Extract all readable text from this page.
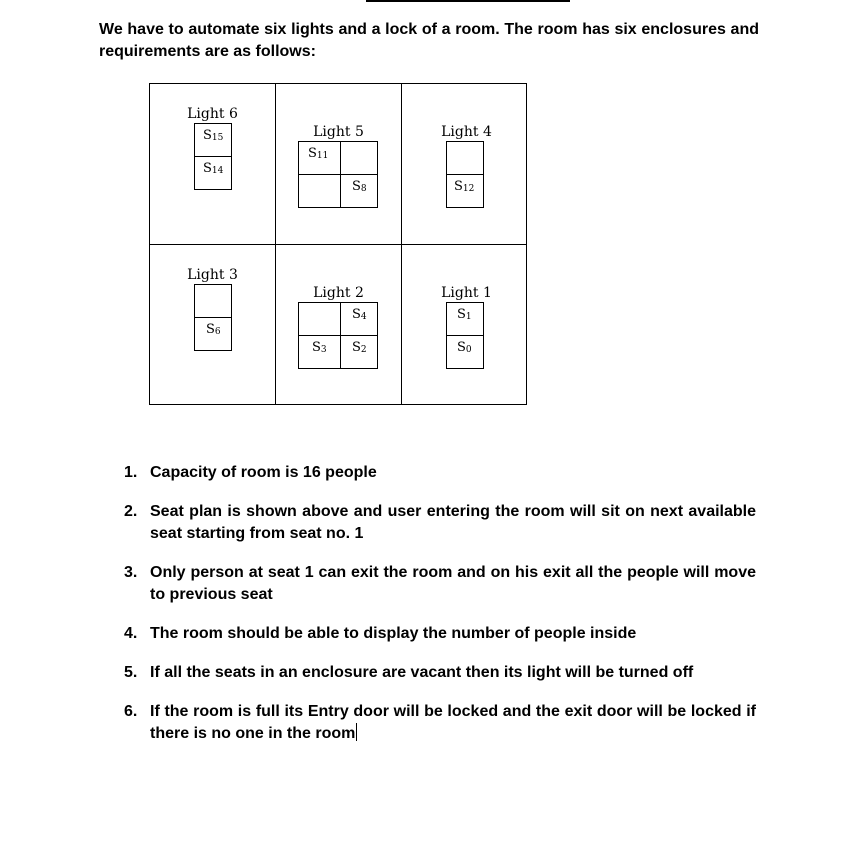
We have to automate six lights and a lock of a room. The room has six enclosures and requirements are as follows:
Light 6
$S_{15}$
$S_{14}$
Light 5
$S_{11}$
$S_8$
Light 4
$S_{12}$
Light 3
$S_6$
Light 2
$S_4$
$S_3$ $S_2$
Light 1
$S_1$
$S_0$
1. Capacity of room is 16 people
2. Seat plan is shown above and user entering the room will sit on next available seat starting from seat no. 1
3. Only person at seat 1 can exit the room and on his exit all the people will move to previous seat
4. The room should be able to display the number of people inside
5. If all the seats in an enclosure are vacant then its light will be turned off
6. If the room is full its Entry door will be locked and the exit door will be locked if there is no one in the room
